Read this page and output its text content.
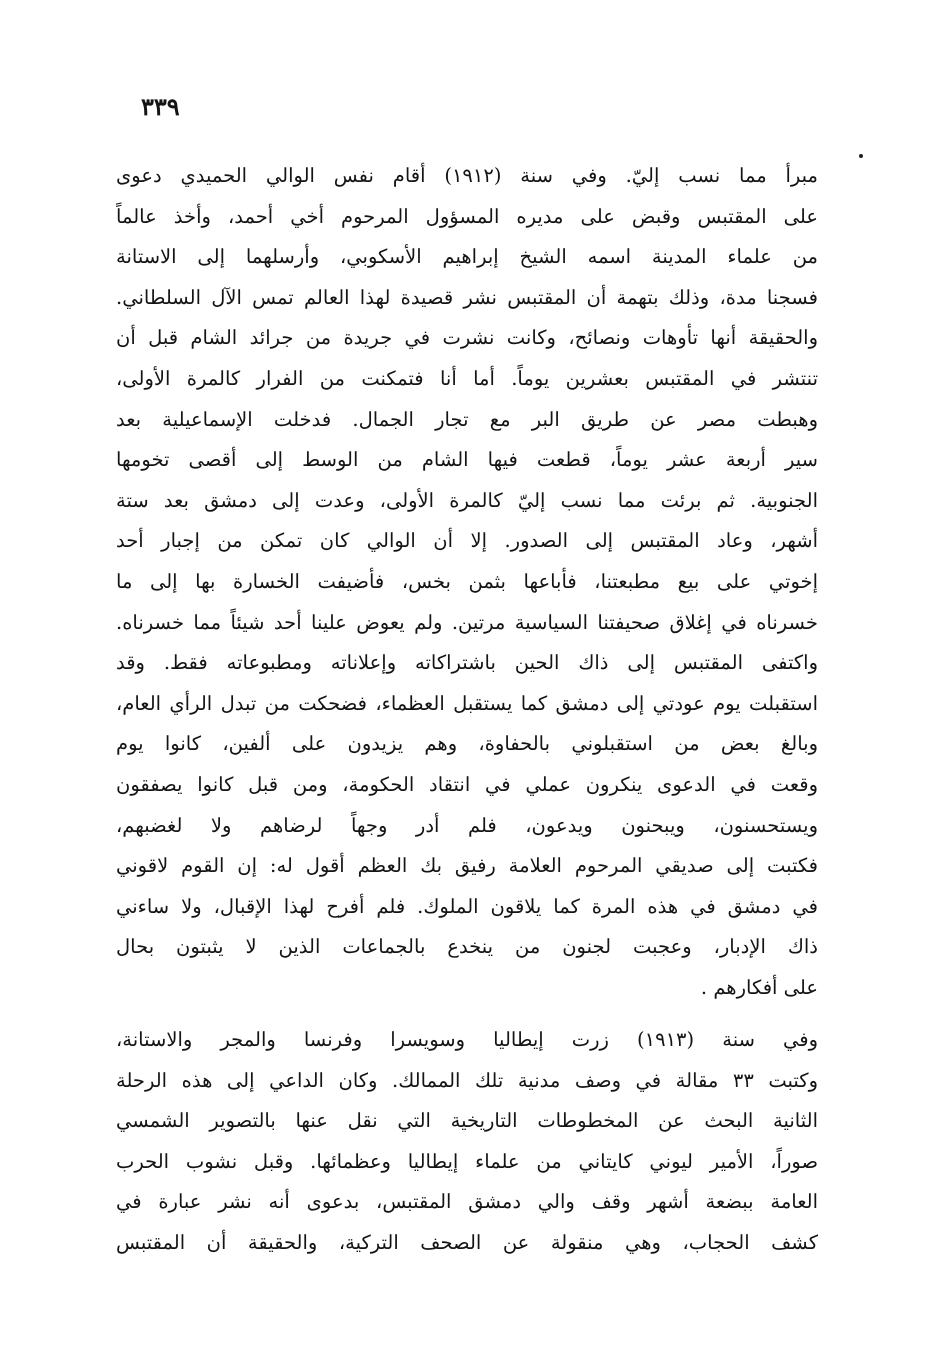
٣٣٩
مبرأ مما نسب إليّ. وفي سنة (١٩١٢) أقام نفس الوالي الحميدي دعوى
على المقتبس وقبض على مديره المسؤول المرحوم أخي أحمد، وأخذ عالماً
من علماء المدينة اسمه الشيخ إبراهيم الأسكوبي، وأرسلهما إلى الاستانة
فسجنا مدة، وذلك بتهمة أن المقتبس نشر قصيدة لهذا العالم تمس الآل السلطاني.
والحقيقة أنها تأوهات ونصائح، وكانت نشرت في جريدة من جرائد الشام قبل أن
تنتشر في المقتبس بعشرين يوماً. أما أنا فتمكنت من الفرار كالمرة الأولى،
وهبطت مصر عن طريق البر مع تجار الجمال. فدخلت الإسماعيلية بعد
سير أربعة عشر يوماً، قطعت فيها الشام من الوسط إلى أقصى تخومها
الجنوبية. ثم برئت مما نسب إليّ كالمرة الأولى، وعدت إلى دمشق بعد ستة
أشهر، وعاد المقتبس إلى الصدور. إلا أن الوالي كان تمكن من إجبار أحد
إخوتي على بيع مطبعتنا، فأباعها بثمن بخس، فأضيفت الخسارة بها إلى ما
خسرناه في إغلاق صحيفتنا السياسية مرتين. ولم يعوض علينا أحد شيئاً مما خسرناه.
واكتفى المقتبس إلى ذاك الحين باشتراكاته وإعلاناته ومطبوعاته فقط. وقد
استقبلت يوم عودتي إلى دمشق كما يستقبل العظماء، فضحكت من تبدل الرأي العام،
وبالغ بعض من استقبلوني بالحفاوة، وهم يزيدون على ألفين، كانوا يوم
وقعت في الدعوى ينكرون عملي في انتقاد الحكومة، ومن قبل كانوا يصفقون
ويستحسنون، ويبحنون ويدعون، فلم أدر وجهاً لرضاهم ولا لغضبهم،
فكتبت إلى صديقي المرحوم العلامة رفيق بك العظم أقول له: إن القوم لاقوني
في دمشق في هذه المرة كما يلاقون الملوك. فلم أفرح لهذا الإقبال، ولا ساءني
ذاك الإدبار، وعجبت لجنون من ينخدع بالجماعات الذين لا يثبتون بحال
على أفكارهم .
وفي سنة (١٩١٣) زرت إيطاليا وسويسرا وفرنسا والمجر والاستانة،
وكتبت ٣٣ مقالة في وصف مدنية تلك الممالك. وكان الداعي إلى هذه الرحلة
الثانية البحث عن المخطوطات التاريخية التي نقل عنها بالتصوير الشمسي
صوراً، الأمير ليوني كايتاني من علماء إيطاليا وعظمائها. وقبل نشوب الحرب
العامة ببضعة أشهر وقف والي دمشق المقتبس، بدعوى أنه نشر عبارة في
كشف الحجاب، وهي منقولة عن الصحف التركية، والحقيقة أن المقتبس
